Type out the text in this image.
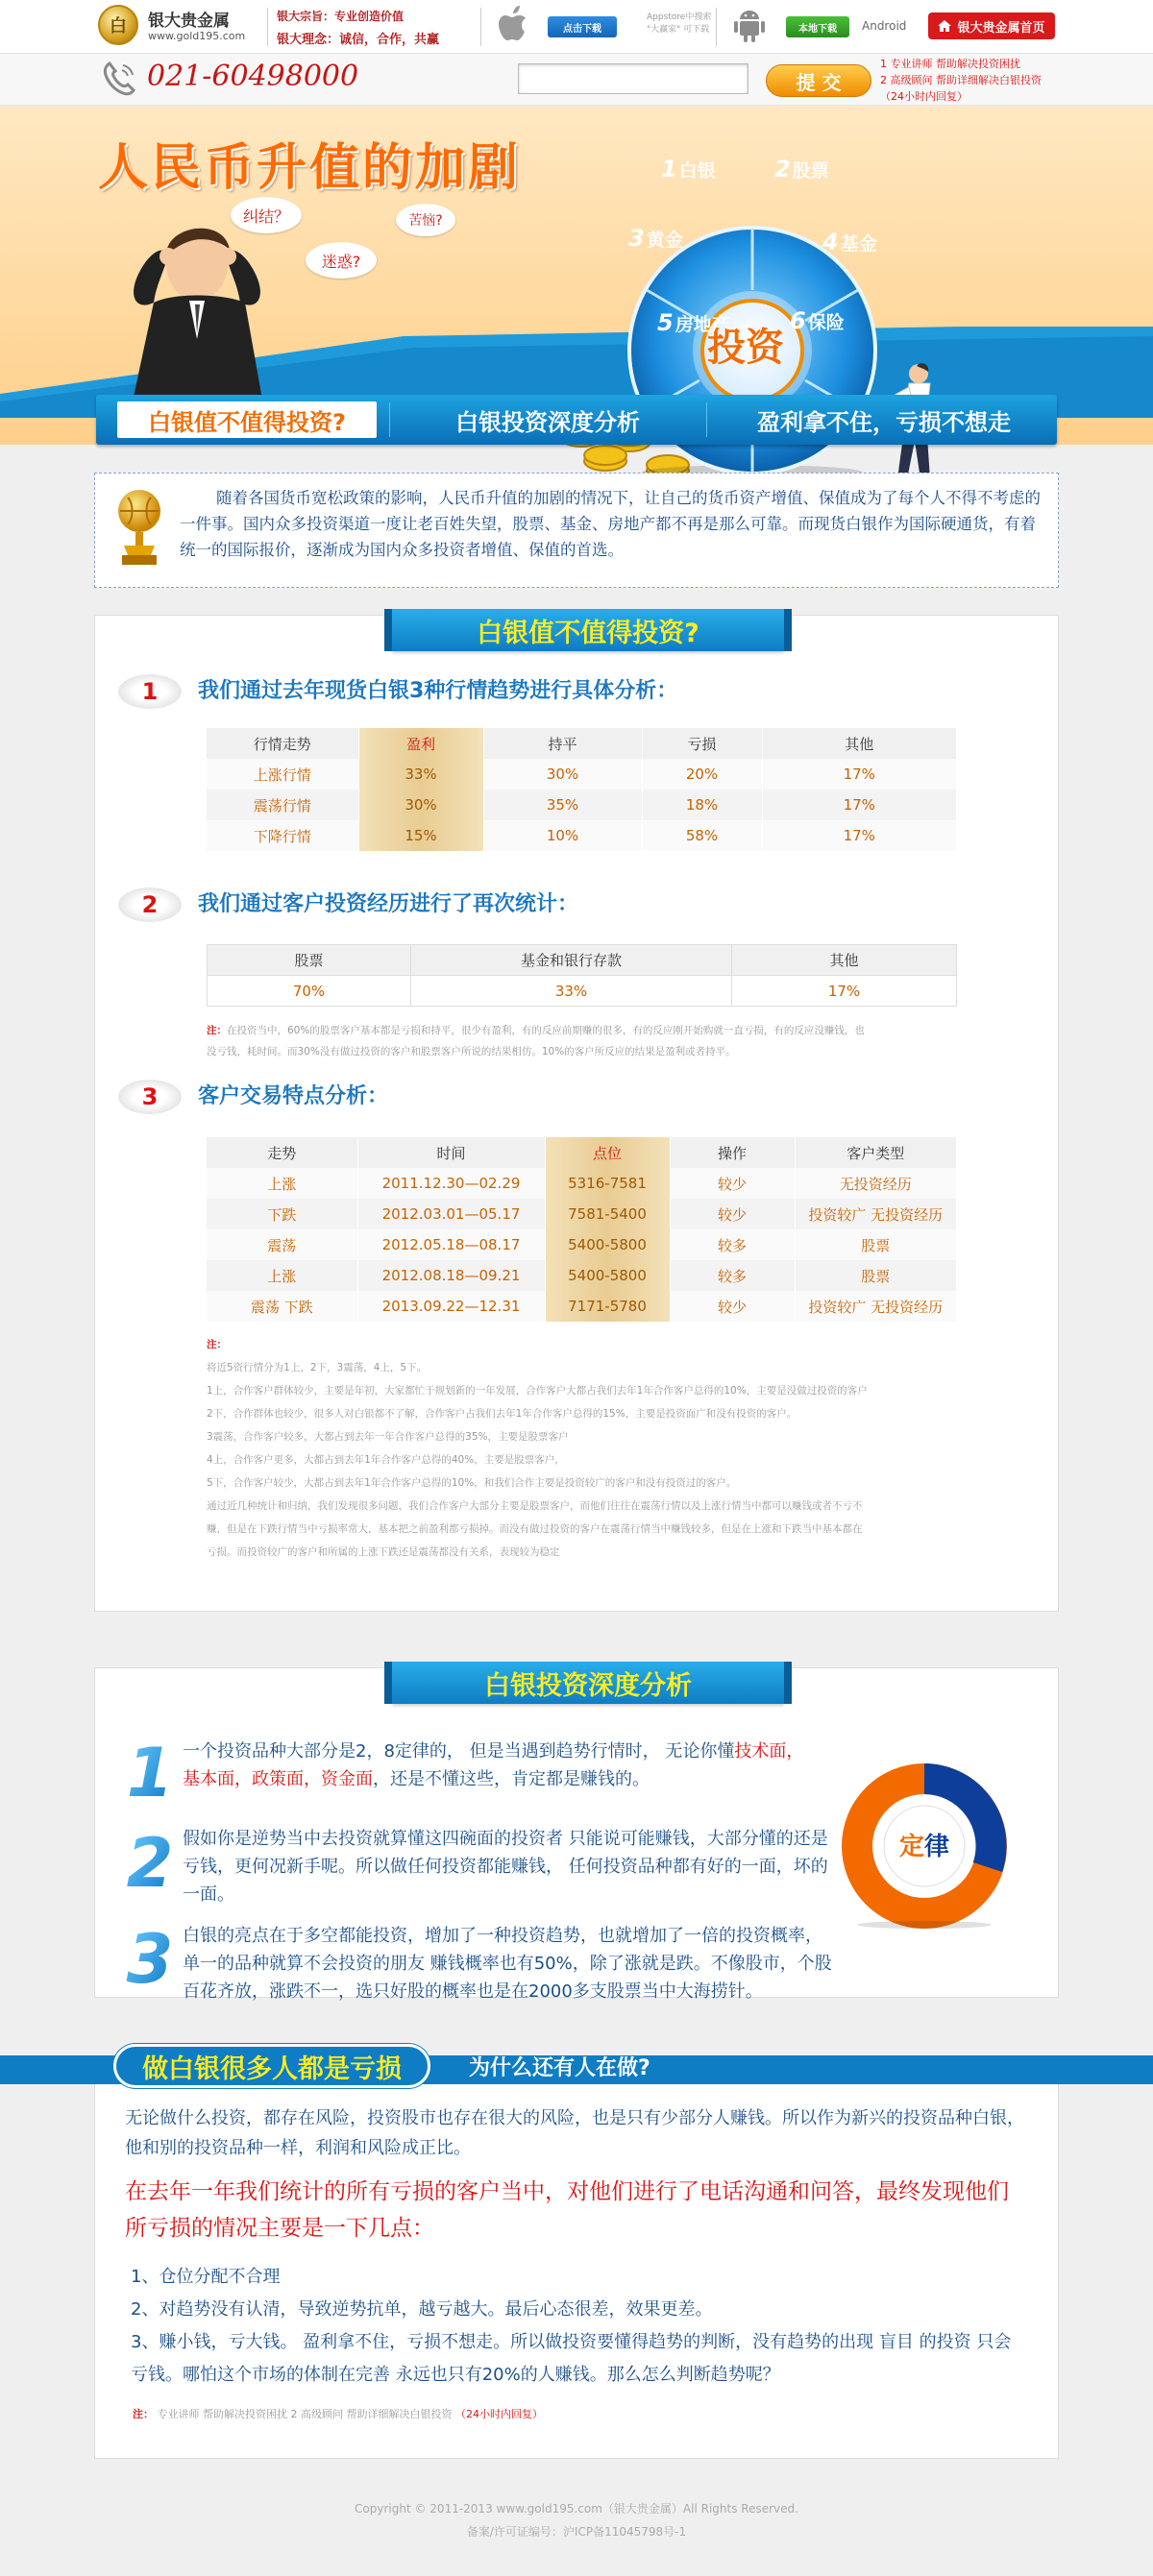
白	银大贵金属
www.gold195.com
银大宗旨：专业创造价值
银大理念：诚信，合作，共赢
点击下载
Appstore中搜索
"大赢家" 可下载	本地下载	Android	银大贵金属首页
021-60498000	提 交
1 专业讲师 帮助解决投资困扰
2 高级顾问 帮助详细解决白银投资
（24小时内回复）
人民币升值的加剧
纠结？
迷惑?
苦恼?
投资
1 白银	2 股票
3 黄金	4 基金
5 房地产	6 保险
白银值不值得投资?	白银投资深度分析	盈利拿不住，亏损不想走
随着各国货币宽松政策的影响，人民币升值的加剧的情况下，让自己的货币资产增值、保值成为了每个人不得不考虑的一件事。国内众多投资渠道一度让老百姓失望，股票、基金、房地产都不再是那么可靠。而现货白银作为国际硬通货，有着统一的国际报价，逐渐成为国内众多投资者增值、保值的首选。
白银值不值得投资?
1	我们通过去年现货白银3种行情趋势进行具体分析：
行情走势	盈利	持平	亏损	其他
上涨行情	33%	30%	20%	17%
震荡行情	30%	35%	18%	17%
下降行情	15%	10%	58%	17%
2	我们通过客户投资经历进行了再次统计：
股票	基金和银行存款	其他
70%	33%	17%
注：在投资当中，60%的股票客户基本都是亏损和持平，很少有盈利，有的反应前期赚的很多，有的反应刚开始购就一直亏损，有的反应没赚钱，也
没亏钱，耗时间。而30%没有做过投资的客户和股票客户所说的结果相仿。10%的客户所反应的结果是盈利或者持平。
3	客户交易特点分析：
走势	时间	点位	操作	客户类型
上涨	2011.12.30—02.29	5316-7581	较少	无投资经历
下跌	2012.03.01—05.17	7581-5400	较少	投资较广 无投资经历
震荡	2012.05.18—08.17	5400-5800	较多	股票
上涨	2012.08.18—09.21	5400-5800	较多	股票
震荡 下跌	2013.09.22—12.31	7171-5780	较少	投资较广 无投资经历
注：
将近5资行情分为1上，2下，3震荡，4上，5下。
1上，合作客户群体较少，主要是年初，大家都忙于规划新的一年发展，合作客户大都占我们去年1年合作客户总得的10%，主要是没做过投资的客户
2下，合作群体也较少，很多人对白银都不了解，合作客户占我们去年1年合作客户总得的15%，主要是投资面广和没有投资的客户。
3震荡，合作客户较多，大都占到去年一年合作客户总得的35%，主要是股票客户
4上，合作客户更多，大都占到去年1年合作客户总得的40%，主要是股票客户，
5下，合作客户较少，大都占到去年1年合作客户总得的10%，和我们合作主要是投资较广的客户和没有投资过的客户。
通过近几种统计和归纳，我们发现很多问题，我们合作客户大部分主要是股票客户，而他们往往在震荡行情以及上涨行情当中都可以赚钱或者不亏不
赚，但是在下跌行情当中亏损率常大，基本把之前盈利都亏损掉。而没有做过投资的客户在震荡行情当中赚钱较多，但是在上涨和下跌当中基本都在
亏损。而投资较广的客户和所属的上涨下跌还是震荡都没有关系，表现较为稳定
白银投资深度分析
1 一个投资品种大部分是2，8定律的， 但是当遇到趋势行情时， 无论你懂技术面，基本面，政策面，资金面，还是不懂这些，肯定都是赚钱的。
2 假如你是逆势当中去投资就算懂这四碗面的投资者 只能说可能赚钱，大部分懂的还是亏钱，更何况新手呢。所以做任何投资都能赚钱， 任何投资品种都有好的一面，坏的一面。
3 白银的亮点在于多空都能投资，增加了一种投资趋势，也就增加了一倍的投资概率，单一的品种就算不会投资的朋友 赚钱概率也有50%，除了涨就是跌。不像股市，个股百花齐放，涨跌不一，选只好股的概率也是在2000多支股票当中大海捞针。
2 定律 8
做白银很多人都是亏损	为什么还有人在做?
无论做什么投资，都存在风险，投资股市也存在很大的风险，也是只有少部分人赚钱。所以作为新兴的投资品种白银，他和别的投资品种一样，利润和风险成正比。
在去年一年我们统计的所有亏损的客户当中，对他们进行了电话沟通和问答，最终发现他们所亏损的情况主要是一下几点：
1、仓位分配不合理
2、对趋势没有认清，导致逆势抗单，越亏越大。最后心态很差，效果更差。
3、赚小钱，亏大钱。 盈利拿不住，亏损不想走。所以做投资要懂得趋势的判断，没有趋势的出现 盲目 的投资 只会亏钱。哪怕这个市场的体制在完善 永远也只有20%的人赚钱。那么怎么判断趋势呢？
注： 专业讲师 帮助解决投资困扰 2 高级顾问 帮助详细解决白银投资 （24小时内回复）
Copyright © 2011-2013 www.gold195.com（银大贵金属）All Rights Reserved.
备案/许可证编号：沪ICP备11045798号-1
